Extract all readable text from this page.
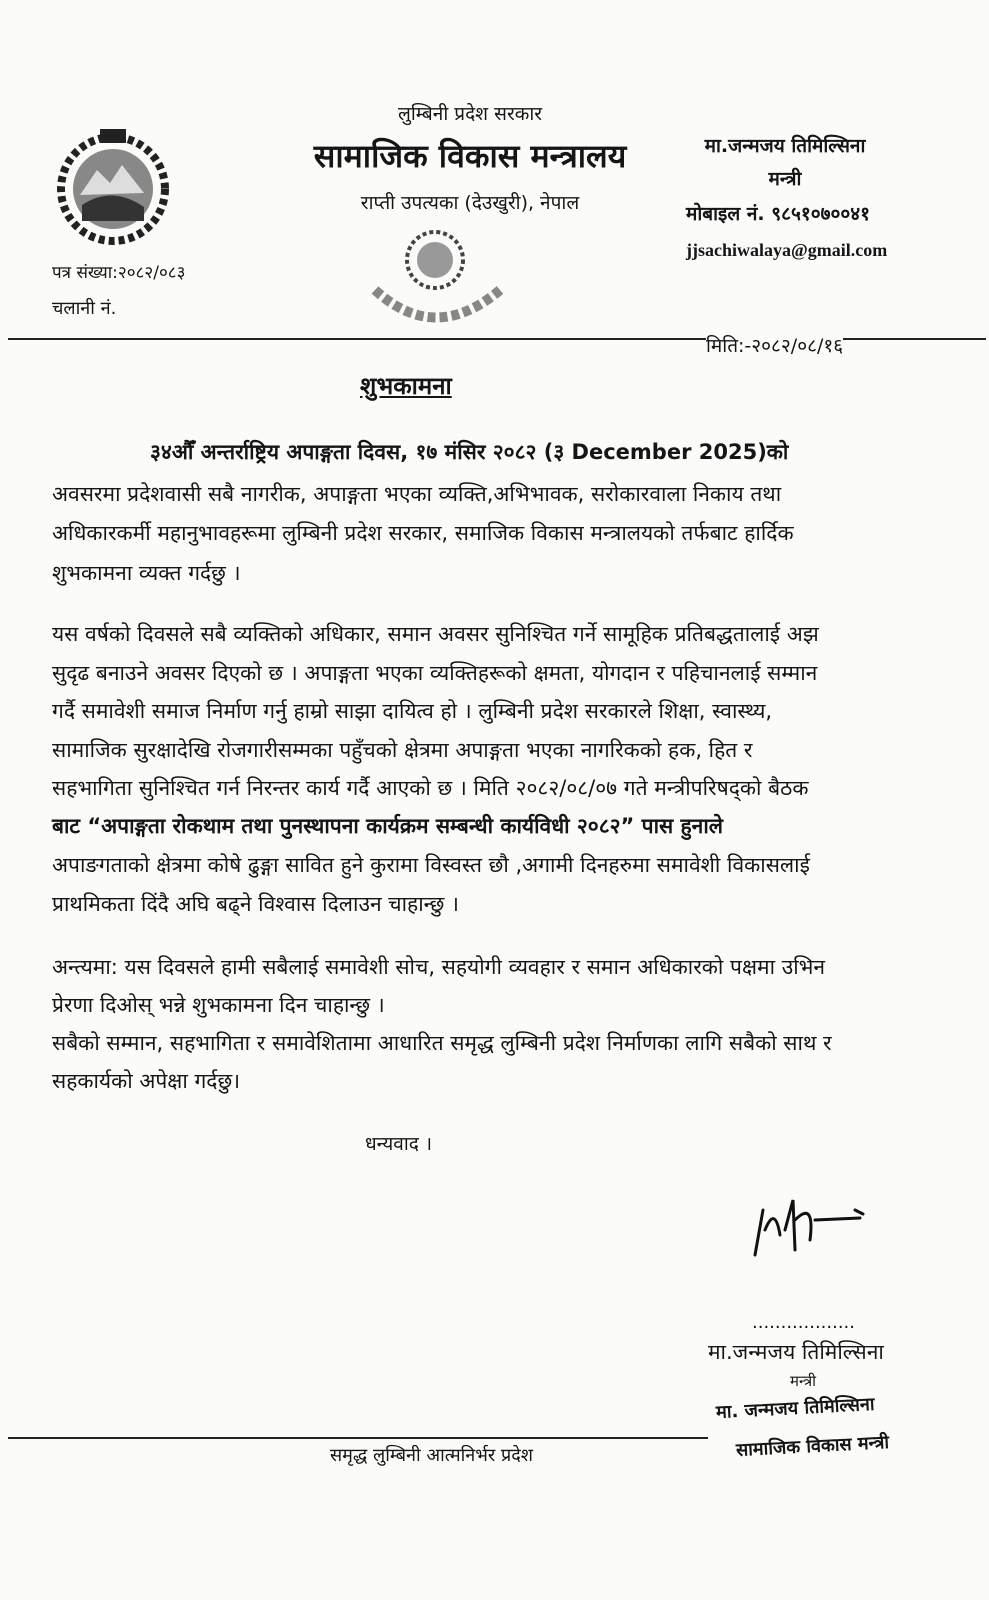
लुम्बिनी प्रदेश सरकार
सामाजिक विकास मन्त्रालय
राप्ती उपत्यका (देउखुरी), नेपाल
मा.जन्मजय तिमिल्सिना
मन्त्री
मोबाइल नं. ९८५१०७००४१
jjsachiwalaya@gmail.com
पत्र संख्या:२०८२/०८३
चलानी नं.
मिति:-२०८२/०८/१६
शुभकामना
३४औँ अन्तर्राष्ट्रिय अपाङ्गता दिवस, १७ मंसिर २०८२ (३ December 2025)को
अवसरमा प्रदेशवासी सबै नागरीक, अपाङ्गता भएका व्यक्ति,अभिभावक, सरोकारवाला निकाय तथा
अधिकारकर्मी महानुभावहरूमा लुम्बिनी प्रदेश सरकार, समाजिक विकास मन्त्रालयको तर्फबाट हार्दिक
शुभकामना व्यक्त गर्दछु ।
यस वर्षको दिवसले सबै व्यक्तिको अधिकार, समान अवसर सुनिश्चित गर्ने सामूहिक प्रतिबद्धतालाई अझ
सुदृढ बनाउने अवसर दिएको छ । अपाङ्गता भएका व्यक्तिहरूको क्षमता, योगदान र पहिचानलाई सम्मान
गर्दै समावेशी समाज निर्माण गर्नु हाम्रो साझा दायित्व हो । लुम्बिनी प्रदेश सरकारले शिक्षा, स्वास्थ्य,
सामाजिक सुरक्षादेखि रोजगारीसम्मका पहुँचको क्षेत्रमा अपाङ्गता भएका नागरिकको हक, हित र
सहभागिता सुनिश्चित गर्न निरन्तर कार्य गर्दै आएको छ । मिति २०८२/०८/०७ गते मन्त्रीपरिषद्को बैठक
बाट “अपाङ्गता रोकथाम तथा पुनस्थापना कार्यक्रम सम्बन्धी कार्यविधी २०८२” पास हुनाले
अपाङगताको क्षेत्रमा कोषे ढुङ्गा सावित हुने कुरामा विस्वस्त छौ ,अगामी दिनहरुमा समावेशी विकासलाई
प्राथमिकता दिंदै अघि बढ्ने विश्वास दिलाउन चाहान्छु ।
अन्त्यमा: यस दिवसले हामी सबैलाई समावेशी सोच, सहयोगी व्यवहार र समान अधिकारको पक्षमा उभिन
प्रेरणा दिओस् भन्ने शुभकामना दिन चाहान्छु ।
सबैको सम्मान, सहभागिता र समावेशितामा आधारित समृद्ध लुम्बिनी प्रदेश निर्माणका लागि सबैको साथ र
सहकार्यको अपेक्षा गर्दछु।
धन्यवाद ।
..................
मा.जन्मजय तिमिल्सिना
मन्त्री
मा. जन्मजय तिमिल्सिना
सामाजिक विकास मन्त्री
समृद्ध लुम्बिनी आत्मनिर्भर प्रदेश
